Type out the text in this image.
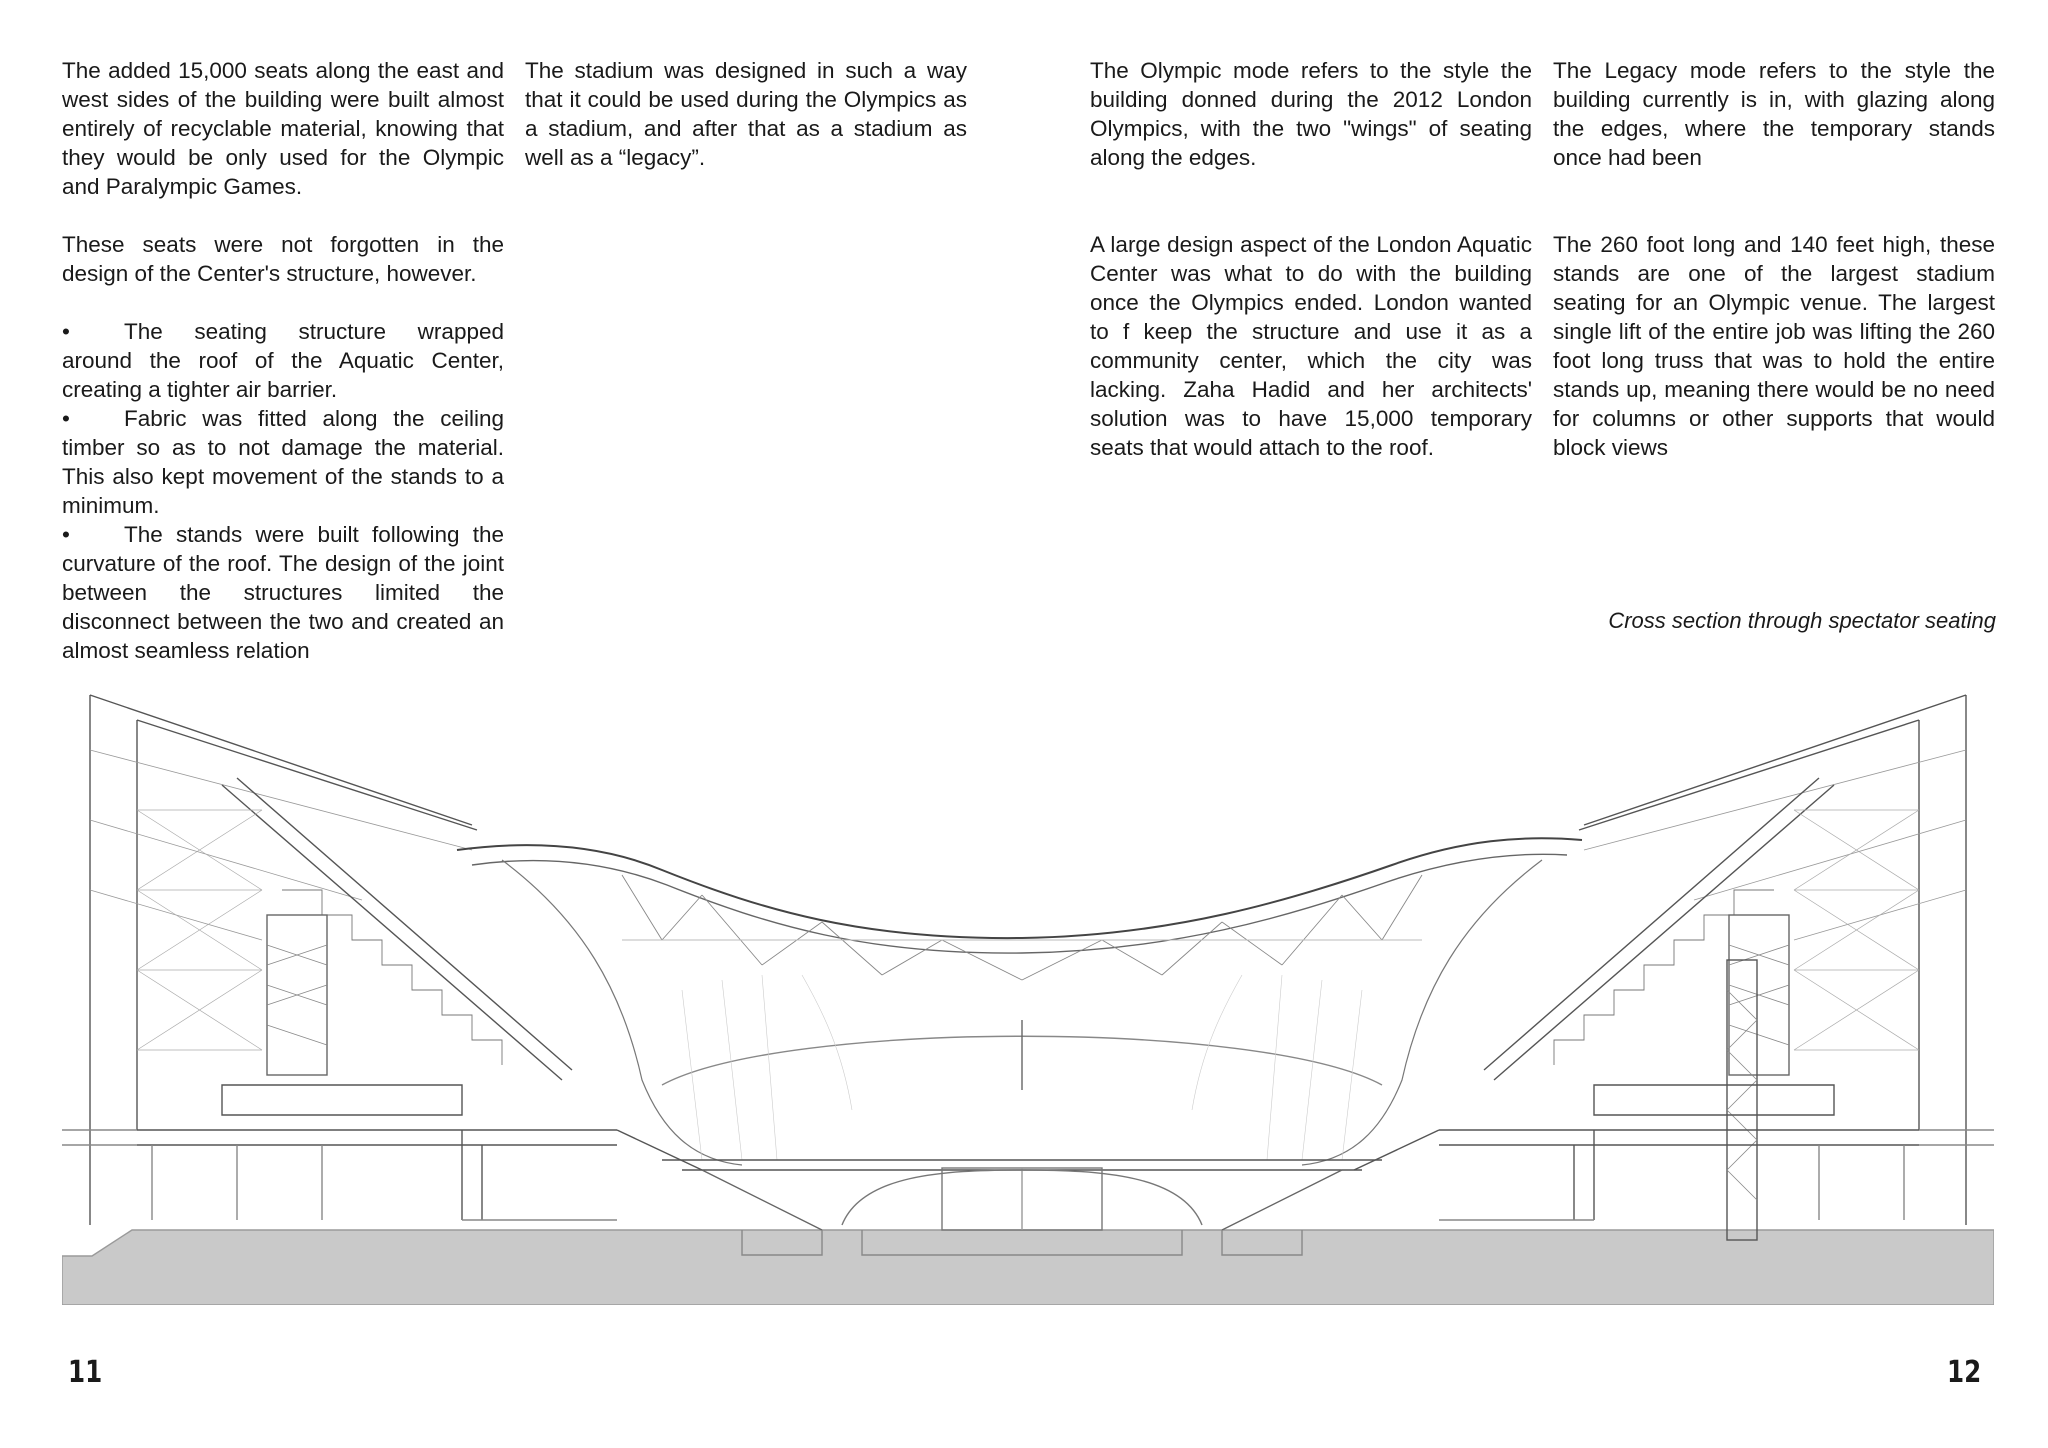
The added 15,000 seats along the east and west sides of the building were built almost entirely of recyclable material, knowing that they would be only used for the Olympic and Paralympic Games.

These seats were not forgotten in the design of the Center's structure, however.

•	The seating structure wrapped around the roof of the Aquatic Center, creating a tighter air barrier.
•	Fabric was fitted along the ceiling timber so as to not damage the material. This also kept movement of the stands to a minimum.
•	The stands were built following the curvature of the roof. The design of the joint between the structures limited the disconnect between the two and created an almost seamless relation

The stadium was designed in such a way that it could be used during the Olympics as a stadium, and after that as a stadium as well as a “legacy”.

The Olympic mode refers to the style the building donned during the 2012 London Olympics, with the two "wings" of seating along the edges.

A large design aspect of the London Aquatic Center was what to do with the building once the Olympics ended. London wanted to f keep the structure and use it as a community center, which the city was lacking. Zaha Hadid and her architects' solution was to have 15,000 temporary seats that would attach to the roof.

The Legacy mode refers to the style the building currently is in, with glazing along the edges, where the temporary stands once had been

The 260 foot long and 140 feet high, these stands are one of the largest stadium seating for an Olympic venue. The largest single lift of the entire job was lifting the 260 foot long truss that was to hold the entire stands up, meaning there would be no need for columns or other supports that would block views

Cross section through spectator seating
11	12
